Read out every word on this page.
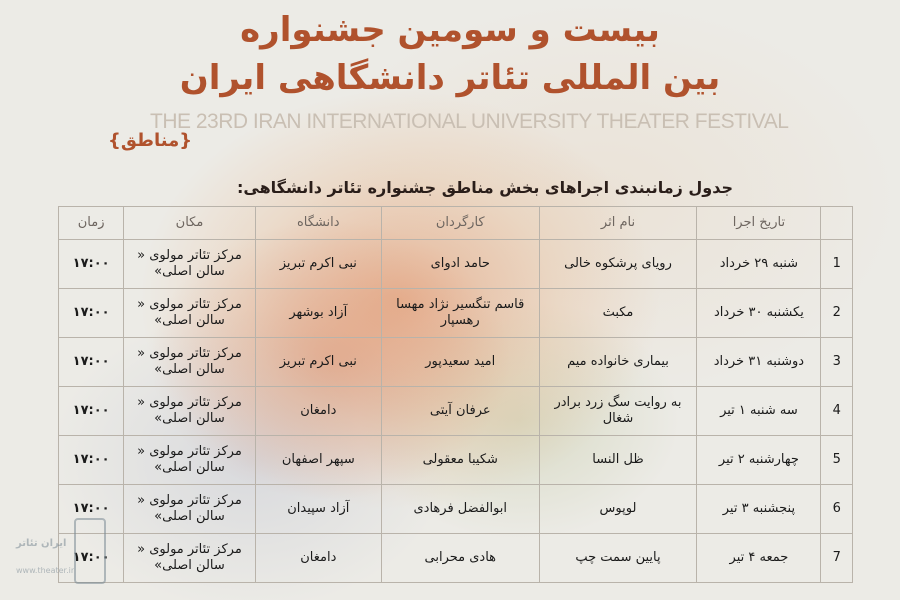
بیست و سومین جشنواره
بین المللی تئاتر دانشگاهی ایران
THE 23RD IRAN INTERNATIONAL UNIVERSITY THEATER FESTIVAL
{مناطق}
جدول زمانبندی اجراهای بخش مناطق جشنواره تئاتر دانشگاهی:
	تاریخ اجرا	نام اثر	کارگردان	دانشگاه	مکان	زمان
1	شنبه ۲۹ خرداد	رویای پرشکوه خالی	حامد ادوای	نبی اکرم تبریز	مرکز تئاتر مولوی « سالن اصلی»	۱۷:۰۰
2	یکشنبه ۳۰ خرداد	مکبث	قاسم تنگسیر نژاد مهسا رهسپار	آزاد بوشهر	مرکز تئاتر مولوی « سالن اصلی»	۱۷:۰۰
3	دوشنبه ۳۱ خرداد	بیماری خانواده میم	امید سعیدپور	نبی اکرم تبریز	مرکز تئاتر مولوی « سالن اصلی»	۱۷:۰۰
4	سه شنبه ۱ تیر	به روایت سگ زرد برادر شغال	عرفان آیتی	دامغان	مرکز تئاتر مولوی « سالن اصلی»	۱۷:۰۰
5	چهارشنبه ۲ تیر	ظل النسا	شکیبا معقولی	سپهر اصفهان	مرکز تئاتر مولوی « سالن اصلی»	۱۷:۰۰
6	پنجشنبه ۳ تیر	لوپوس	ابوالفضل فرهادی	آزاد سپیدان	مرکز تئاتر مولوی « سالن اصلی»	۱۷:۰۰
7	جمعه ۴ تیر	پایین سمت چپ	هادی محرابی	دامغان	مرکز تئاتر مولوی « سالن اصلی»	۱۷:۰۰
ایران تئاتر
www.theater.ir
